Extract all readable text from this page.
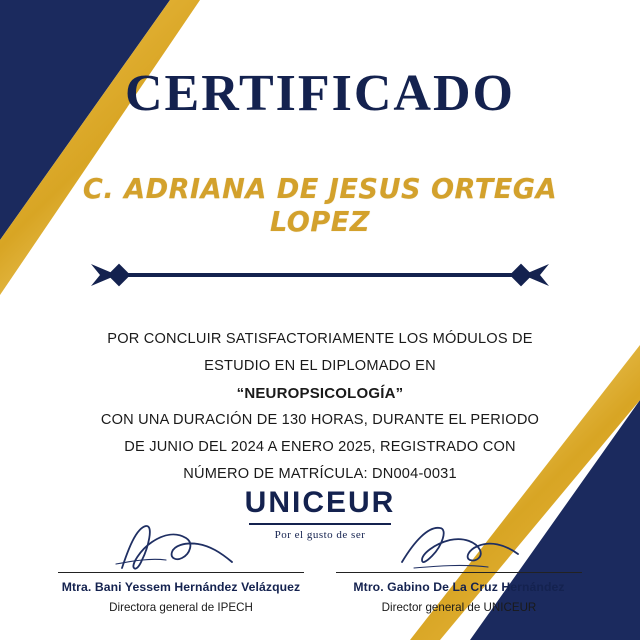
CERTIFICADO
C. ADRIANA DE JESUS ORTEGA LOPEZ
POR CONCLUIR SATISFACTORIAMENTE LOS MÓDULOS DE
ESTUDIO EN EL DIPLOMADO EN
“NEUROPSICOLOGÍA”
CON UNA DURACIÓN DE 130 HORAS, DURANTE EL PERIODO
DE JUNIO DEL 2024 A ENERO 2025, REGISTRADO CON
NÚMERO DE MATRÍCULA: DN004-0031
UNICEUR
Por el gusto de ser
Mtra. Bani Yessem Hernández Velázquez
Directora general de IPECH
Mtro. Gabino De La Cruz Hernández
Director general de UNICEUR
